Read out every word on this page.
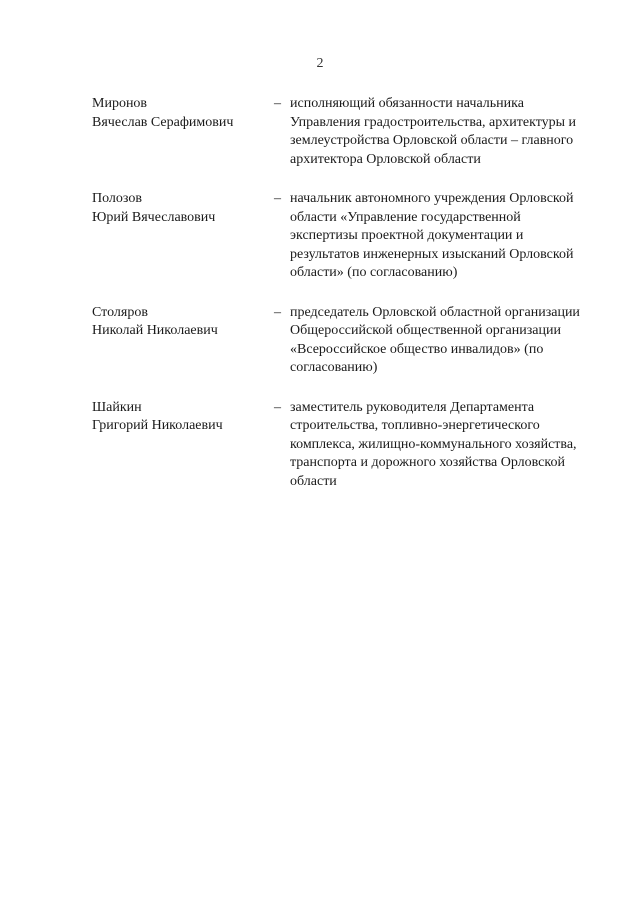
2
Миронов
Вячеслав Серафимович
– исполняющий обязанности начальника
Управления градостроительства, архитектуры и
землеустройства Орловской области – главного
архитектора Орловской области
Полозов
Юрий Вячеславович
– начальник автономного учреждения Орловской
области «Управление государственной
экспертизы проектной документации и
результатов инженерных изысканий Орловской
области» (по согласованию)
Столяров
Николай Николаевич
– председатель Орловской областной организации
Общероссийской общественной организации
«Всероссийское общество инвалидов» (по
согласованию)
Шайкин
Григорий Николаевич
– заместитель руководителя Департамента
строительства, топливно-энергетического
комплекса, жилищно-коммунального хозяйства,
транспорта и дорожного хозяйства Орловской
области
